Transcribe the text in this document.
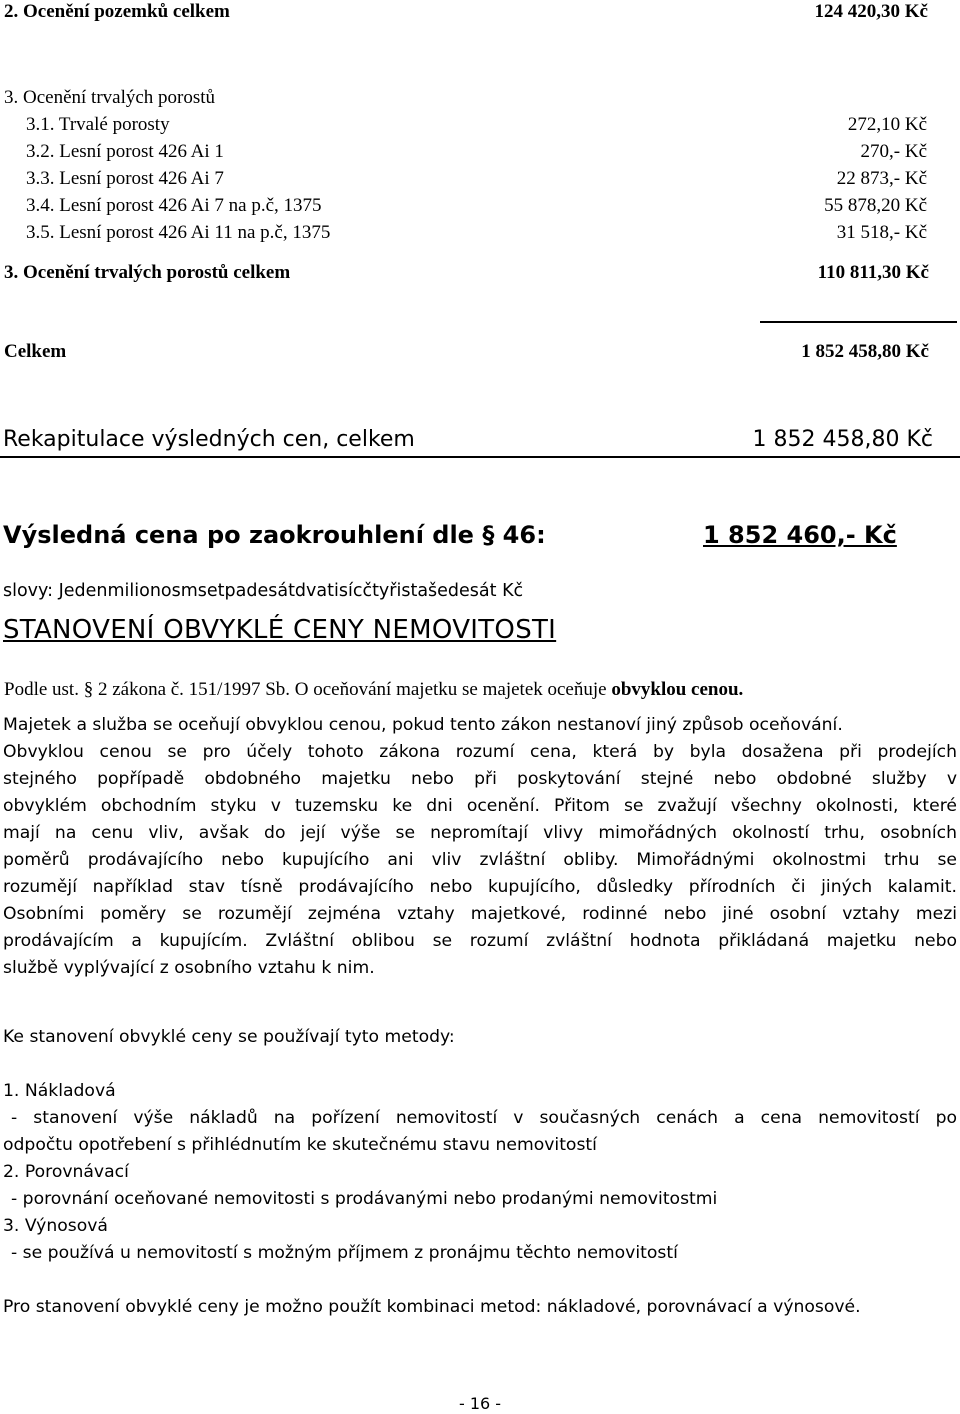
2. Ocenění pozemků celkem	124 420,30 Kč
3. Ocenění trvalých porostů
3.1. Trvalé porosty	272,10 Kč
3.2. Lesní porost 426 Ai 1	270,- Kč
3.3. Lesní porost 426 Ai 7	22 873,- Kč
3.4. Lesní porost 426 Ai 7 na p.č, 1375	55 878,20 Kč
3.5. Lesní porost 426 Ai 11 na p.č, 1375	31 518,- Kč
3. Ocenění trvalých porostů celkem	110 811,30 Kč
Celkem	1 852 458,80 Kč
Rekapitulace výsledných cen, celkem	1 852 458,80 Kč
Výsledná cena po zaokrouhlení dle § 46:	1 852 460,- Kč
slovy: Jedenmilionosmsetpadesátdvatisícčtyřistašedesát Kč
STANOVENÍ OBVYKLÉ CENY NEMOVITOSTI
Podle ust. § 2 zákona č. 151/1997 Sb. O oceňování majetku se majetek oceňuje obvyklou cenou.
Majetek a služba se oceňují obvyklou cenou, pokud tento zákon nestanoví jiný způsob oceňování.
Obvyklou cenou se pro účely tohoto zákona rozumí cena, která by byla dosažena při prodejích
stejného popřípadě obdobného majetku nebo při poskytování stejné nebo obdobné služby v
obvyklém obchodním styku v tuzemsku ke dni ocenění. Přitom se zvažují všechny okolnosti, které
mají na cenu vliv, avšak do její výše se nepromítají vlivy mimořádných okolností trhu, osobních
poměrů prodávajícího nebo kupujícího ani vliv zvláštní obliby. Mimořádnými okolnostmi trhu se
rozumějí například stav tísně prodávajícího nebo kupujícího, důsledky přírodních či jiných kalamit.
Osobními poměry se rozumějí zejména vztahy majetkové, rodinné nebo jiné osobní vztahy mezi
prodávajícím a kupujícím. Zvláštní oblibou se rozumí zvláštní hodnota přikládaná majetku nebo
službě vyplývající z osobního vztahu k nim.
Ke stanovení obvyklé ceny se používají tyto metody:
1. Nákladová
- stanovení výše nákladů na pořízení nemovitostí v současných cenách a cena nemovitostí po
odpočtu opotřebení s přihlédnutím ke skutečnému stavu nemovitostí
2. Porovnávací
- porovnání oceňované nemovitosti s prodávanými nebo prodanými nemovitostmi
3. Výnosová
- se používá u nemovitostí s možným příjmem z pronájmu těchto nemovitostí
Pro stanovení obvyklé ceny je možno použít kombinaci metod: nákladové, porovnávací a výnosové.
- 16 -
